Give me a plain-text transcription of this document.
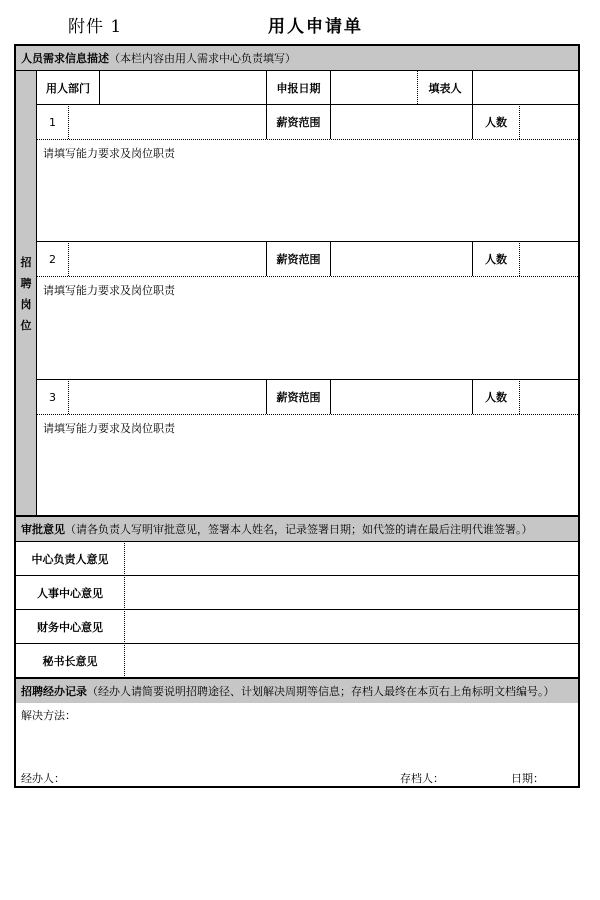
附件 1	用人申请单
人员需求信息描述 （本栏内容由用人需求中心负责填写）
招
聘
岗
位
用人部门	申报日期	填表人
1	薪资范围	人数
请填写能力要求及岗位职责
2	薪资范围	人数
请填写能力要求及岗位职责
3	薪资范围	人数
请填写能力要求及岗位职责
审批意见 （请各负责人写明审批意见，签署本人姓名，记录签署日期；如代签的请在最后注明代谁签署。）
中心负责人意见
人事中心意见
财务中心意见
秘书长意见
招聘经办记录 （经办人请简要说明招聘途径、计划解决周期等信息；存档人最终在本页右上角标明文档编号。）
解决方法：
经办人：	存档人：	日期：
